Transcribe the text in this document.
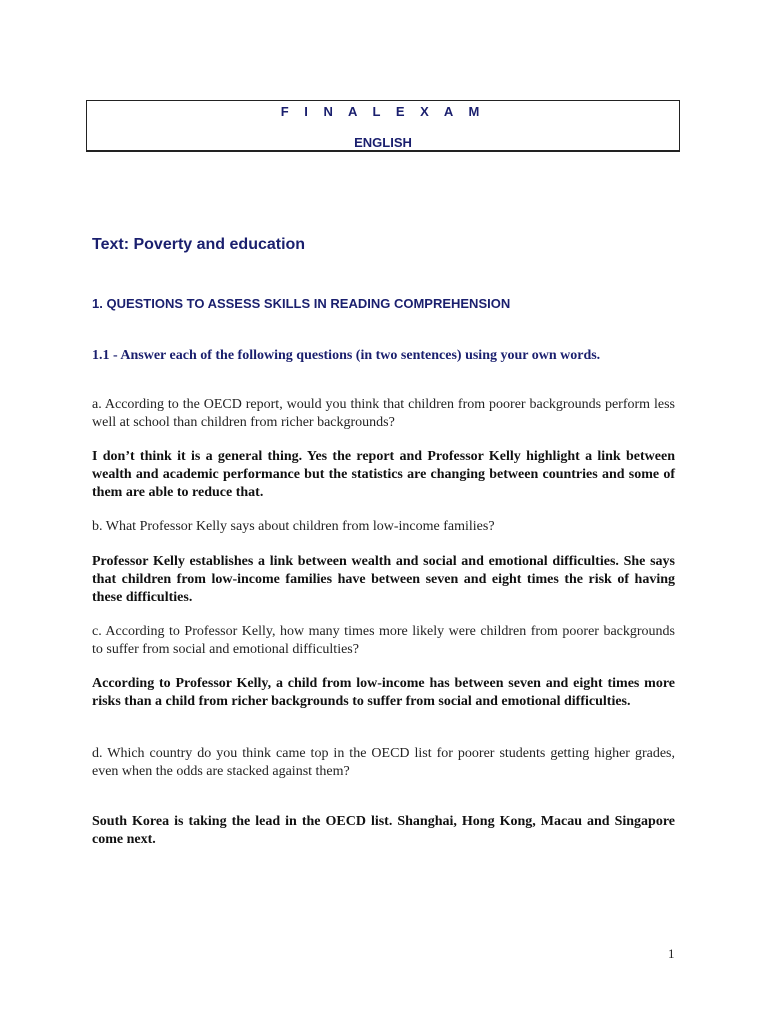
F I N A L E X A M
ENGLISH
Text: Poverty and education
1. QUESTIONS TO ASSESS SKILLS IN READING COMPREHENSION
1.1 - Answer each of the following questions (in two sentences) using your own words.
a. According to the OECD report, would you think that children from poorer backgrounds perform less well at school than children from richer backgrounds?
I don’t think it is a general thing. Yes the report and Professor Kelly highlight a link between wealth and academic performance but the statistics are changing between countries and some of them are able to reduce that.
b. What Professor Kelly says about children from low-income families?
Professor Kelly establishes a link between wealth and social and emotional difficulties. She says that children from low-income families have between seven and eight times the risk of having these difficulties.
c. According to Professor Kelly, how many times more likely were children from poorer backgrounds to suffer from social and emotional difficulties?
According to Professor Kelly, a child from low-income has between seven and eight times more risks than a child from richer backgrounds to suffer from social and emotional difficulties.
d. Which country do you think came top in the OECD list for poorer students getting higher grades, even when the odds are stacked against them?
South Korea is taking the lead in the OECD list. Shanghai, Hong Kong, Macau and Singapore come next.
1
